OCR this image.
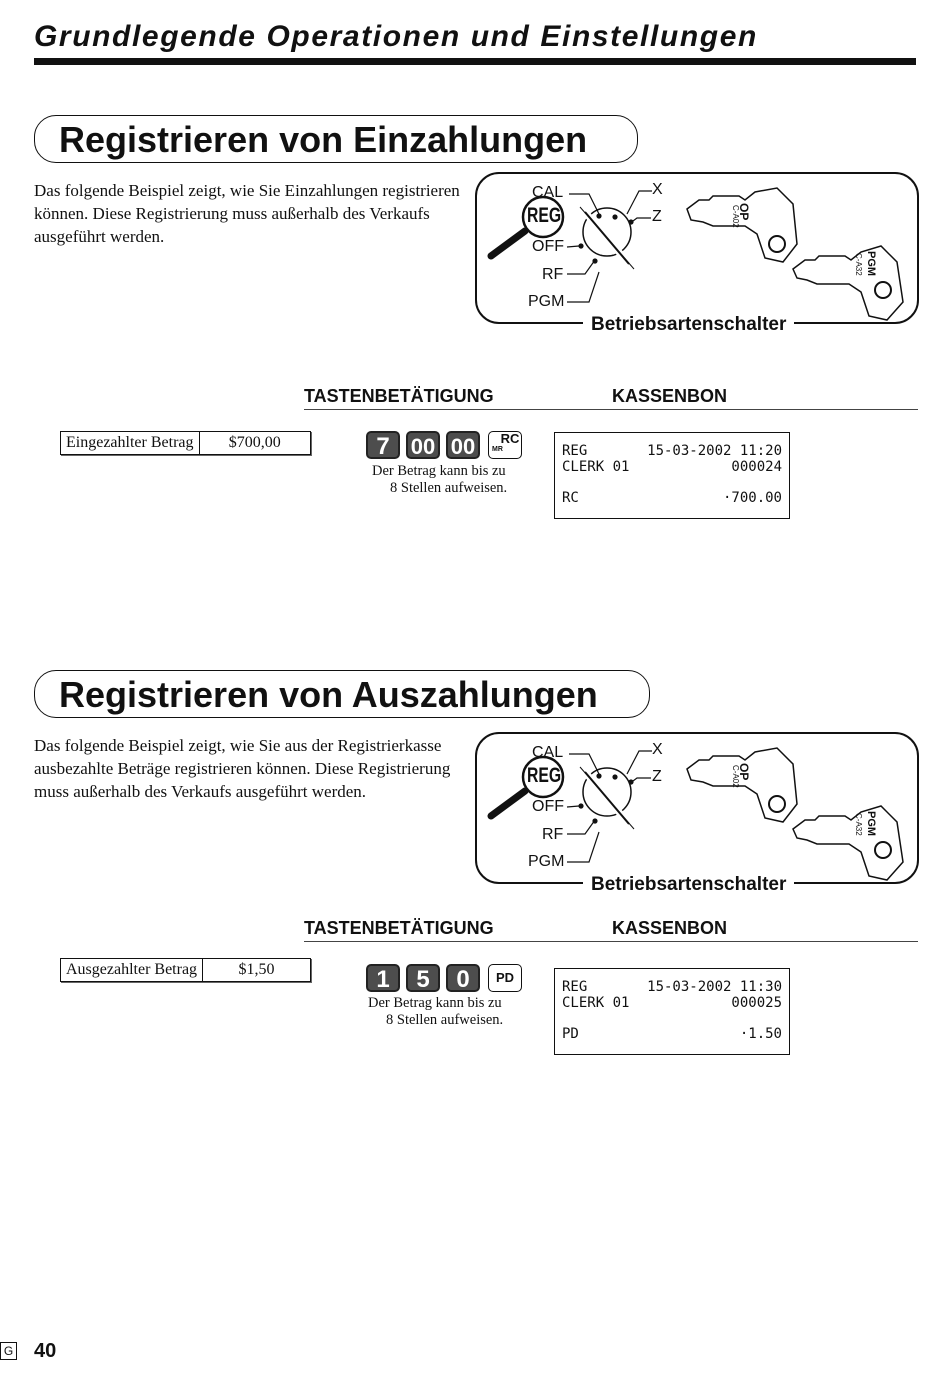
Grundlegende Operationen und Einstellungen
Registrieren von Einzahlungen
Das folgende Beispiel zeigt, wie Sie Einzahlungen registrieren können. Diese Registrierung muss außerhalb des Verkaufs ausgeführt werden.
CAL
REG
OFF
RF
PGM
X
Z	OP
C-A02
PGM
C-A32
Betriebsartenschalter
TASTENBETÄTIGUNG	KASSENBON
Eingezahlter Betrag	$700,00	7 00 00	RC
MR
Der Betrag kann bis zu
8 Stellen aufweisen.
REG	15-03-2002 11:20
CLERK 01	000024
RC	·700.00
Registrieren von Auszahlungen
Das folgende Beispiel zeigt, wie Sie aus der Registrierkasse ausbezahlte Beträge registrieren können. Diese Registrierung muss außerhalb des Verkaufs ausgeführt werden.
CAL
REG
OFF
RF
PGM
X
Z	OP
C-A02
PGM
C-A32
Betriebsartenschalter
TASTENBETÄTIGUNG	KASSENBON
Ausgezahlter Betrag	$1,50	1	5	0	PD
Der Betrag kann bis zu
8 Stellen aufweisen.
REG	15-03-2002 11:30
CLERK 01	000025
PD	·1.50
G 40
